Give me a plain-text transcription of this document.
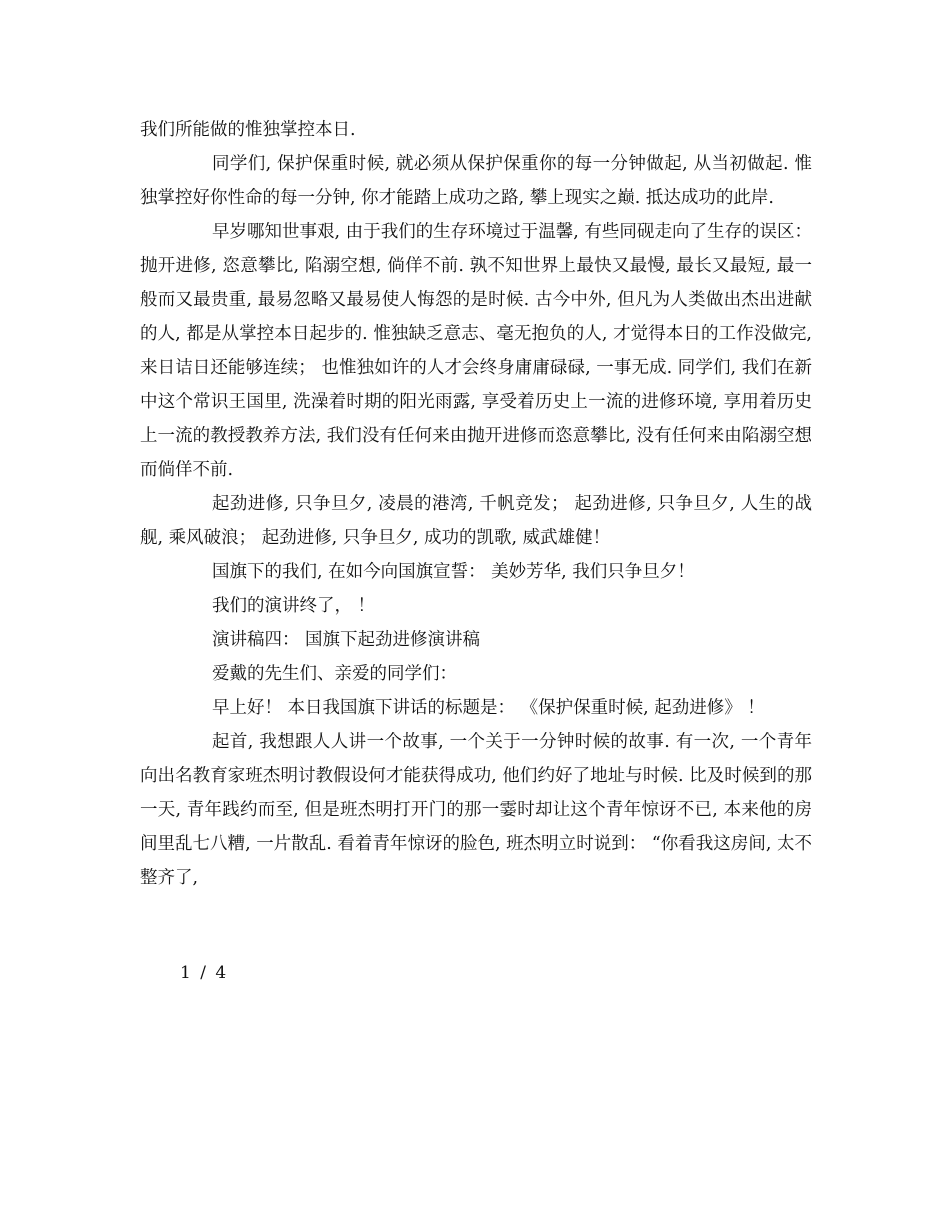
我们所能做的惟独掌控本日.

同学们, 保护保重时候, 就必须从保护保重你的每一分钟做起, 从当初做起. 惟独掌控好你性命的每一分钟, 你才能踏上成功之路, 攀上现实之巅. 抵达成功的此岸.

早岁哪知世事艰, 由于我们的生存环境过于温馨, 有些同砚走向了生存的误区： 抛开进修, 恣意攀比, 陷溺空想, 倘佯不前. 孰不知世界上最快又最慢, 最长又最短, 最一般而又最贵重, 最易忽略又最易使人悔怨的是时候. 古今中外, 但凡为人类做出杰出进献的人, 都是从掌控本日起步的. 惟独缺乏意志、毫无抱负的人, 才觉得本日的工作没做完, 来日诘日还能够连续； 也惟独如许的人才会终身庸庸碌碌, 一事无成. 同学们, 我们在新中这个常识王国里, 洗澡着时期的阳光雨露, 享受着历史上一流的进修环境, 享用着历史上一流的教授教养方法, 我们没有任何来由抛开进修而恣意攀比, 没有任何来由陷溺空想而倘佯不前.

起劲进修, 只争旦夕, 凌晨的港湾, 千帆竞发； 起劲进修, 只争旦夕, 人生的战舰, 乘风破浪； 起劲进修, 只争旦夕, 成功的凯歌, 威武雄健！

国旗下的我们, 在如今向国旗宣誓： 美妙芳华, 我们只争旦夕！

我们的演讲终了， ！

演讲稿四： 国旗下起劲进修演讲稿

爱戴的先生们、亲爱的同学们：

早上好！ 本日我国旗下讲话的标题是： 《保护保重时候, 起劲进修》 ！

起首, 我想跟人人讲一个故事, 一个关于一分钟时候的故事. 有一次, 一个青年向出名教育家班杰明讨教假设何才能获得成功, 他们约好了地址与时候. 比及时候到的那一天, 青年践约而至, 但是班杰明打开门的那一霎时却让这个青年惊讶不已, 本来他的房间里乱七八糟, 一片散乱. 看着青年惊讶的脸色, 班杰明立时说到： “你看我这房间, 太不整齐了,

1 / 4
